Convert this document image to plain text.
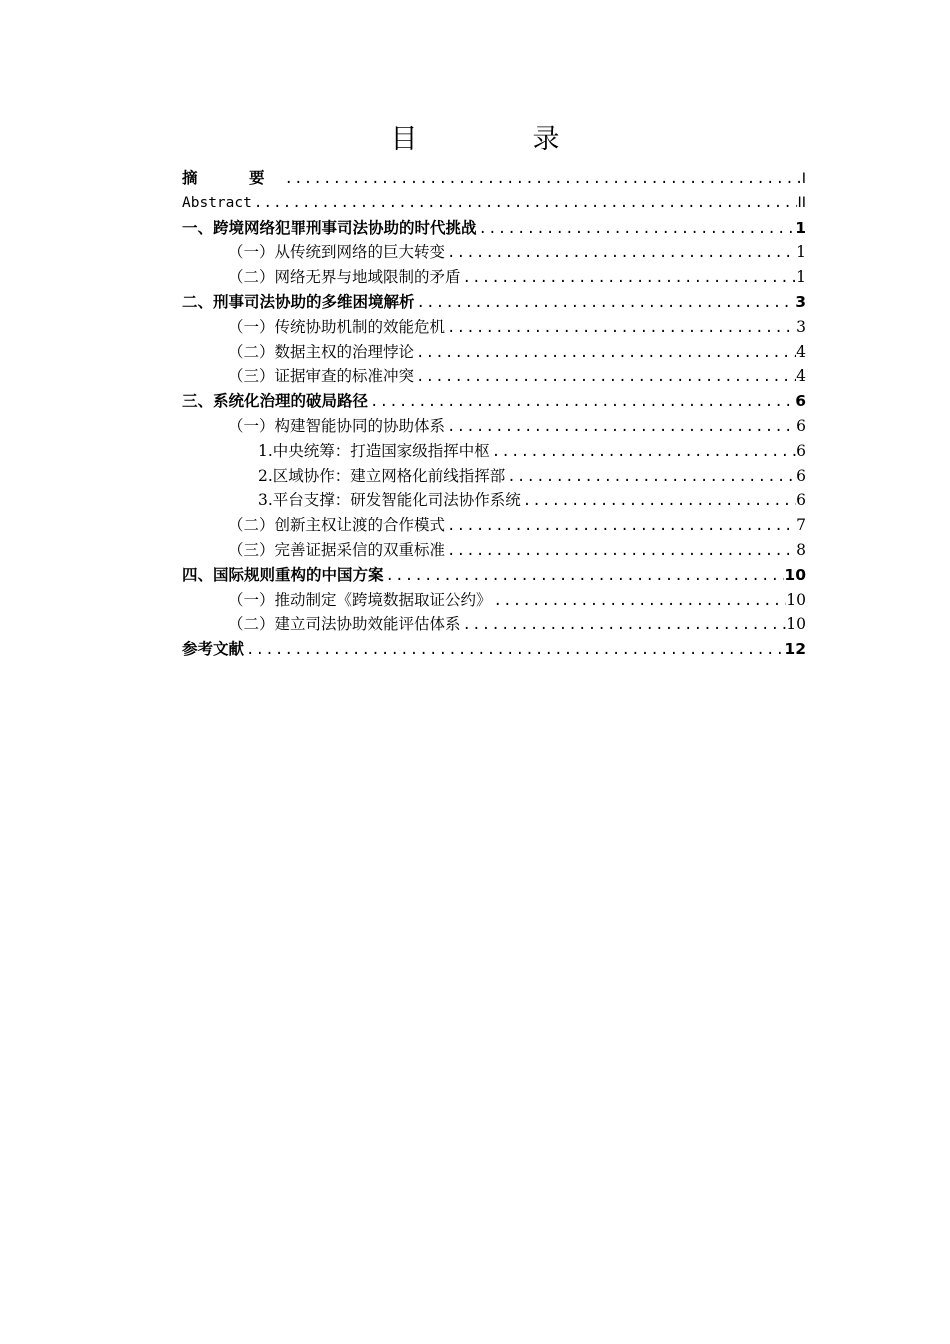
目　录
摘　要 .....	I
Abstract .....	II
一、跨境网络犯罪刑事司法协助的时代挑战 .....	1
（一）从传统到网络的巨大转变 .....	1
（二）网络无界与地域限制的矛盾 .....	1
二、刑事司法协助的多维困境解析 .....	3
（一）传统协助机制的效能危机 .....	3
（二）数据主权的治理悖论 .....	4
（三）证据审查的标准冲突 .....	4
三、系统化治理的破局路径 .....	6
（一）构建智能协同的协助体系 .....	6
1.中央统筹：打造国家级指挥中枢 .....	6
2.区域协作：建立网格化前线指挥部 .....	6
3.平台支撑：研发智能化司法协作系统 .....	6
（二）创新主权让渡的合作模式 .....	7
（三）完善证据采信的双重标准 .....	8
四、国际规则重构的中国方案 .....	10
（一）推动制定《跨境数据取证公约》 .....	10
（二）建立司法协助效能评估体系 .....	10
参考文献 .....	12
